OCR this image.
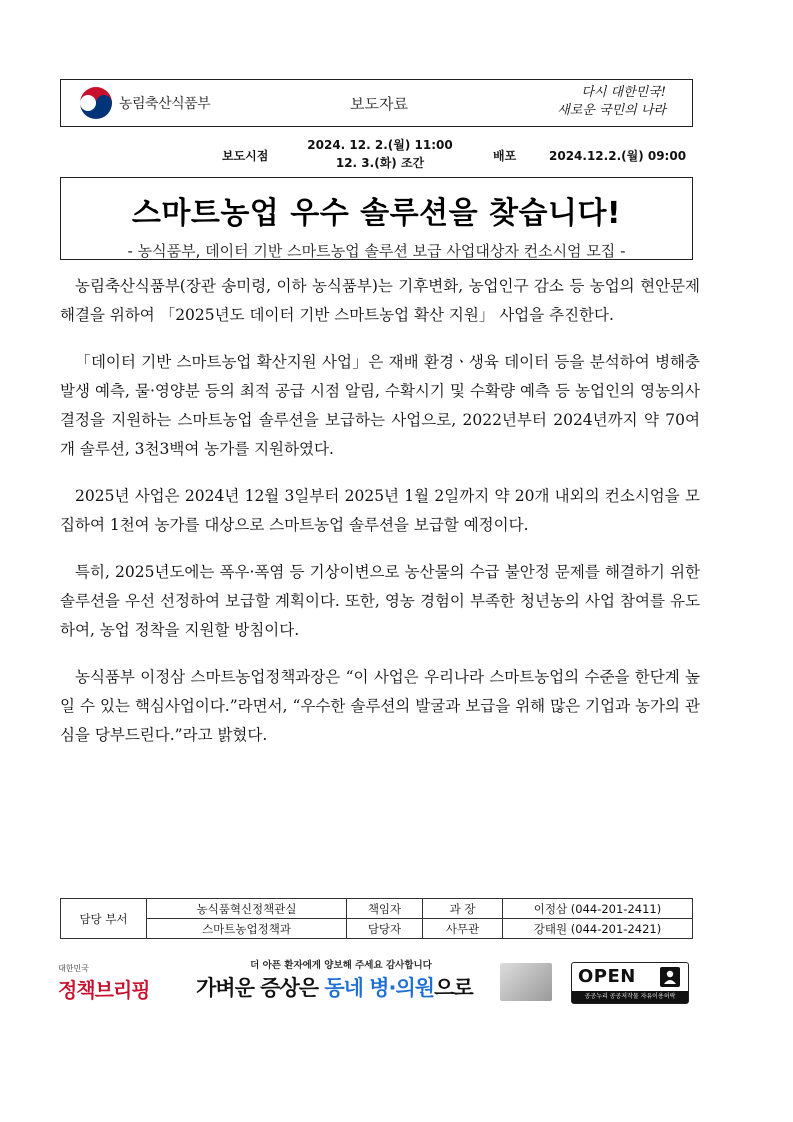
농림축산식품부	보도자료
다시 대한민국!
새로운 국민의 나라
보도시점
2024. 12. 2.(월) 11:00
12. 3.(화) 조간	배포	2024.12.2.(월) 09:00
스마트농업 우수 솔루션을 찾습니다!
- 농식품부, 데이터 기반 스마트농업 솔루션 보급 사업대상자 컨소시엄 모집 -

농림축산식품부(장관 송미령, 이하 농식품부)는 기후변화, 농업인구 감소 등 농업의 현안문제 해결을 위하여 「2025년도 데이터 기반 스마트농업 확산 지원」 사업을 추진한다.

「데이터 기반 스마트농업 확산지원 사업」은 재배 환경ㆍ생육 데이터 등을 분석하여 병해충 발생 예측, 물·영양분 등의 최적 공급 시점 알림, 수확시기 및 수확량 예측 등 농업인의 영농의사결정을 지원하는 스마트농업 솔루션을 보급하는 사업으로, 2022년부터 2024년까지 약 70여 개 솔루션, 3천3백여 농가를 지원하였다.

2025년 사업은 2024년 12월 3일부터 2025년 1월 2일까지 약 20개 내외의 컨소시엄을 모집하여 1천여 농가를 대상으로 스마트농업 솔루션을 보급할 예정이다.

특히, 2025년도에는 폭우·폭염 등 기상이변으로 농산물의 수급 불안정 문제를 해결하기 위한 솔루션을 우선 선정하여 보급할 계획이다. 또한, 영농 경험이 부족한 청년농의 사업 참여를 유도하여, 농업 정착을 지원할 방침이다.

농식품부 이정삼 스마트농업정책과장은 “이 사업은 우리나라 스마트농업의 수준을 한단계 높일 수 있는 핵심사업이다.”라면서, “우수한 솔루션의 발굴과 보급을 위해 많은 기업과 농가의 관심을 당부드린다.”라고 밝혔다.

담당 부서	농식품혁신정책관실	책임자	과 장	이정삼 (044-201-2411)
	스마트농업정책과	담당자	사무관	강태원 (044-201-2421)
대한민국
정책브리핑
더 아픈 환자에게 양보해 주세요 감사합니다
가벼운 증상은 동네 병·의원으로	OPEN
공공누리 공공저작물 자유이용허락
